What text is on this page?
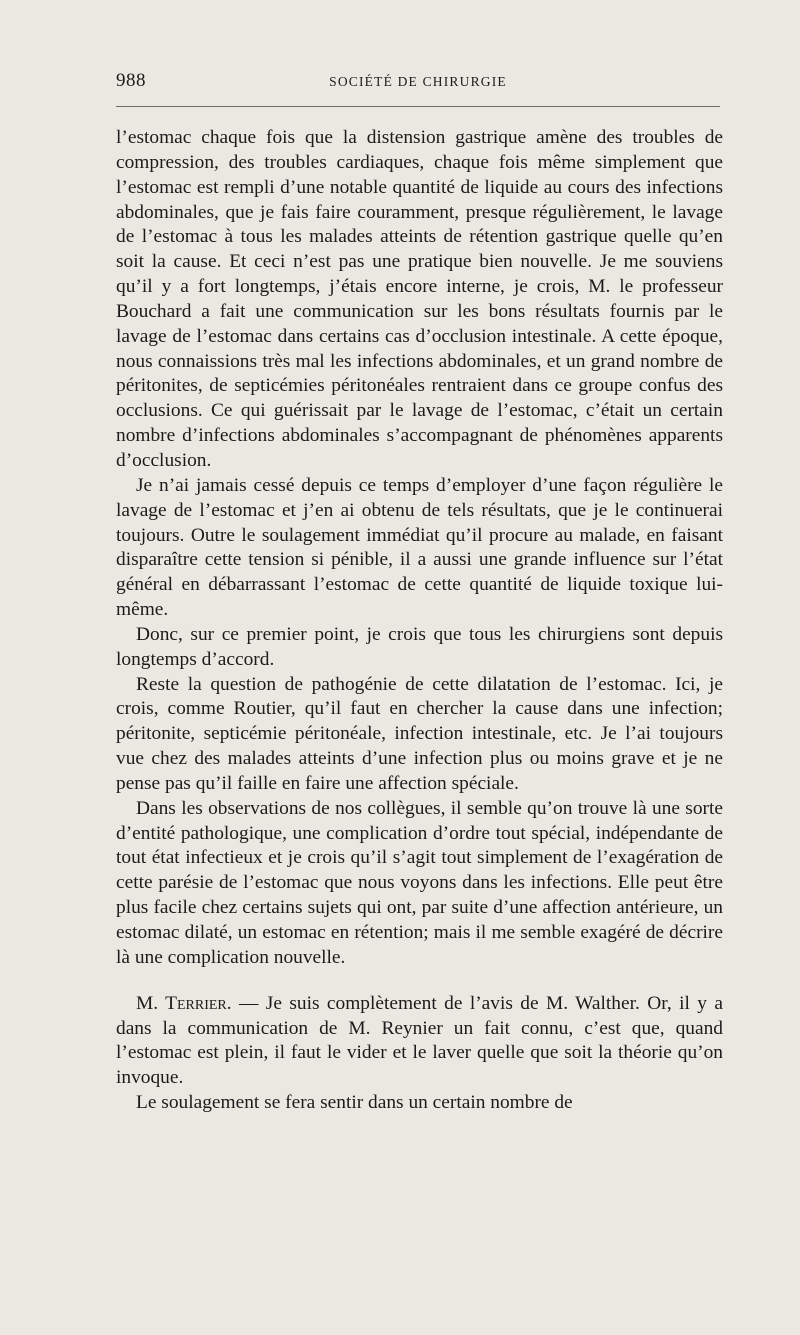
988	SOCIÉTÉ DE CHIRURGIE

l’estomac chaque fois que la distension gastrique amène des troubles de compression, des troubles cardiaques, chaque fois même simplement que l’estomac est rempli d’une notable quantité de liquide au cours des infections abdominales, que je fais faire couramment, presque régulièrement, le lavage de l’estomac à tous les malades atteints de rétention gastrique quelle qu’en soit la cause. Et ceci n’est pas une pratique bien nouvelle. Je me souviens qu’il y a fort longtemps, j’étais encore interne, je crois, M. le professeur Bouchard a fait une communication sur les bons résultats fournis par le lavage de l’estomac dans certains cas d’occlusion intestinale. A cette époque, nous connaissions très mal les infections abdominales, et un grand nombre de péritonites, de septicémies péritonéales rentraient dans ce groupe confus des occlusions. Ce qui guérissait par le lavage de l’estomac, c’était un certain nombre d’infections abdominales s’accompagnant de phénomènes apparents d’occlusion.

Je n’ai jamais cessé depuis ce temps d’employer d’une façon régulière le lavage de l’estomac et j’en ai obtenu de tels résultats, que je le continuerai toujours. Outre le soulagement immédiat qu’il procure au malade, en faisant disparaître cette tension si pénible, il a aussi une grande influence sur l’état général en débarrassant l’estomac de cette quantité de liquide toxique lui-même.

Donc, sur ce premier point, je crois que tous les chirurgiens sont depuis longtemps d’accord.

Reste la question de pathogénie de cette dilatation de l’estomac. Ici, je crois, comme Routier, qu’il faut en chercher la cause dans une infection; péritonite, septicémie péritonéale, infection intestinale, etc. Je l’ai toujours vue chez des malades atteints d’une infection plus ou moins grave et je ne pense pas qu’il faille en faire une affection spéciale.

Dans les observations de nos collègues, il semble qu’on trouve là une sorte d’entité pathologique, une complication d’ordre tout spécial, indépendante de tout état infectieux et je crois qu’il s’agit tout simplement de l’exagération de cette parésie de l’estomac que nous voyons dans les infections. Elle peut être plus facile chez certains sujets qui ont, par suite d’une affection antérieure, un estomac dilaté, un estomac en rétention; mais il me semble exagéré de décrire là une complication nouvelle.

M. Terrier. — Je suis complètement de l’avis de M. Walther. Or, il y a dans la communication de M. Reynier un fait connu, c’est que, quand l’estomac est plein, il faut le vider et le laver quelle que soit la théorie qu’on invoque.

Le soulagement se fera sentir dans un certain nombre de
